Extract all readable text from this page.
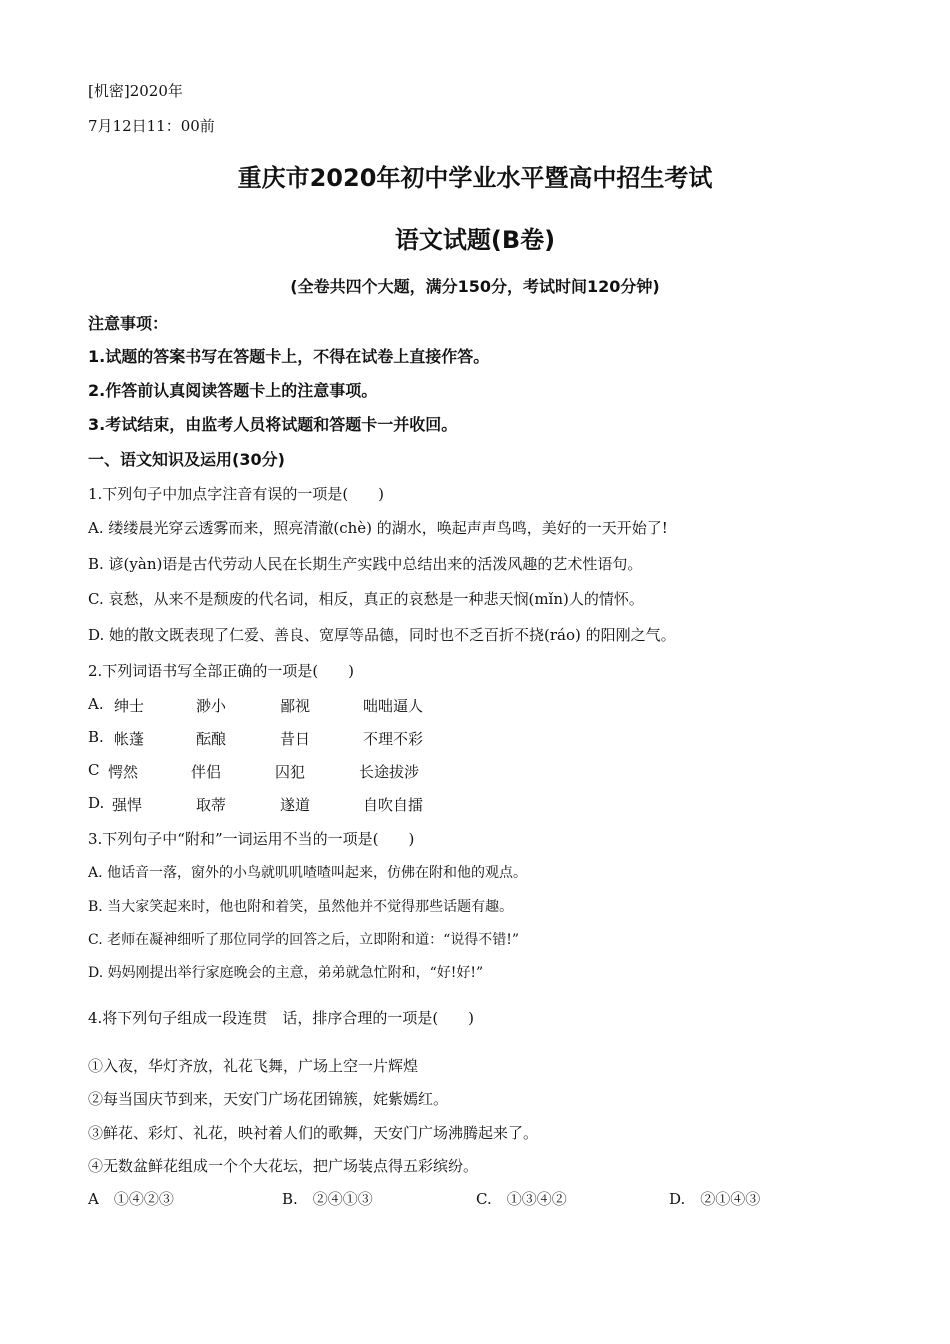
[机密]2020年
7月12日11：00前
重庆市2020年初中学业水平暨高中招生考试
语文试题(B卷)
(全卷共四个大题，满分150分，考试时间120分钟)
注意事项：
1.试题的答案书写在答题卡上，不得在试卷上直接作答。
2.作答前认真阅读答题卡上的注意事项。
3.考试结束，由监考人员将试题和答题卡一并收回。
一、语文知识及运用(30分)
1.下列句子中加点字注音有误的一项是(　　)
A. 缕缕晨光穿云透雾而来，照亮清澈(chè) 的湖水，唤起声声鸟鸣，美好的一天开始了!
B. 谚(yàn)语是古代劳动人民在长期生产实践中总结出来的活泼风趣的艺术性语句。
C. 哀愁，从来不是颓废的代名词，相反，真正的哀愁是一种悲天悯(mǐn)人的情怀。
D. 她的散文既表现了仁爱、善良、宽厚等品德，同时也不乏百折不挠(ráo) 的阳刚之气。
2.下列词语书写全部正确的一项是(　　)
A. 绅士	渺小	鄙视	咄咄逼人
B. 帐蓬	酝酿	昔日	不理不彩
C 愕然	伴侣	囚犯	长途拔涉
D. 强悍	取蒂	遂道	自吹自擂
3.下列句子中“附和”一词运用不当的一项是(　　)
A. 他话音一落，窗外的小鸟就叽叽喳喳叫起来，仿佛在附和他的观点。
B. 当大家笑起来时，他也附和着笑，虽然他并不觉得那些话题有趣。
C. 老师在凝神细听了那位同学的回答之后，立即附和道：“说得不错!”
D. 妈妈刚提出举行家庭晚会的主意，弟弟就急忙附和，“好!好!”
4.将下列句子组成一段连贯　话，排序合理的一项是(　　)
①入夜，华灯齐放，礼花飞舞，广场上空一片辉煌
②每当国庆节到来，天安门广场花团锦簇，姹紫嫣红。
③鲜花、彩灯、礼花，映衬着人们的歌舞，天安门广场沸腾起来了。
④无数盆鲜花组成一个个大花坛，把广场装点得五彩缤纷。
A　①④②③	B.　②④①③	C.　①③④②	D.　②①④③
